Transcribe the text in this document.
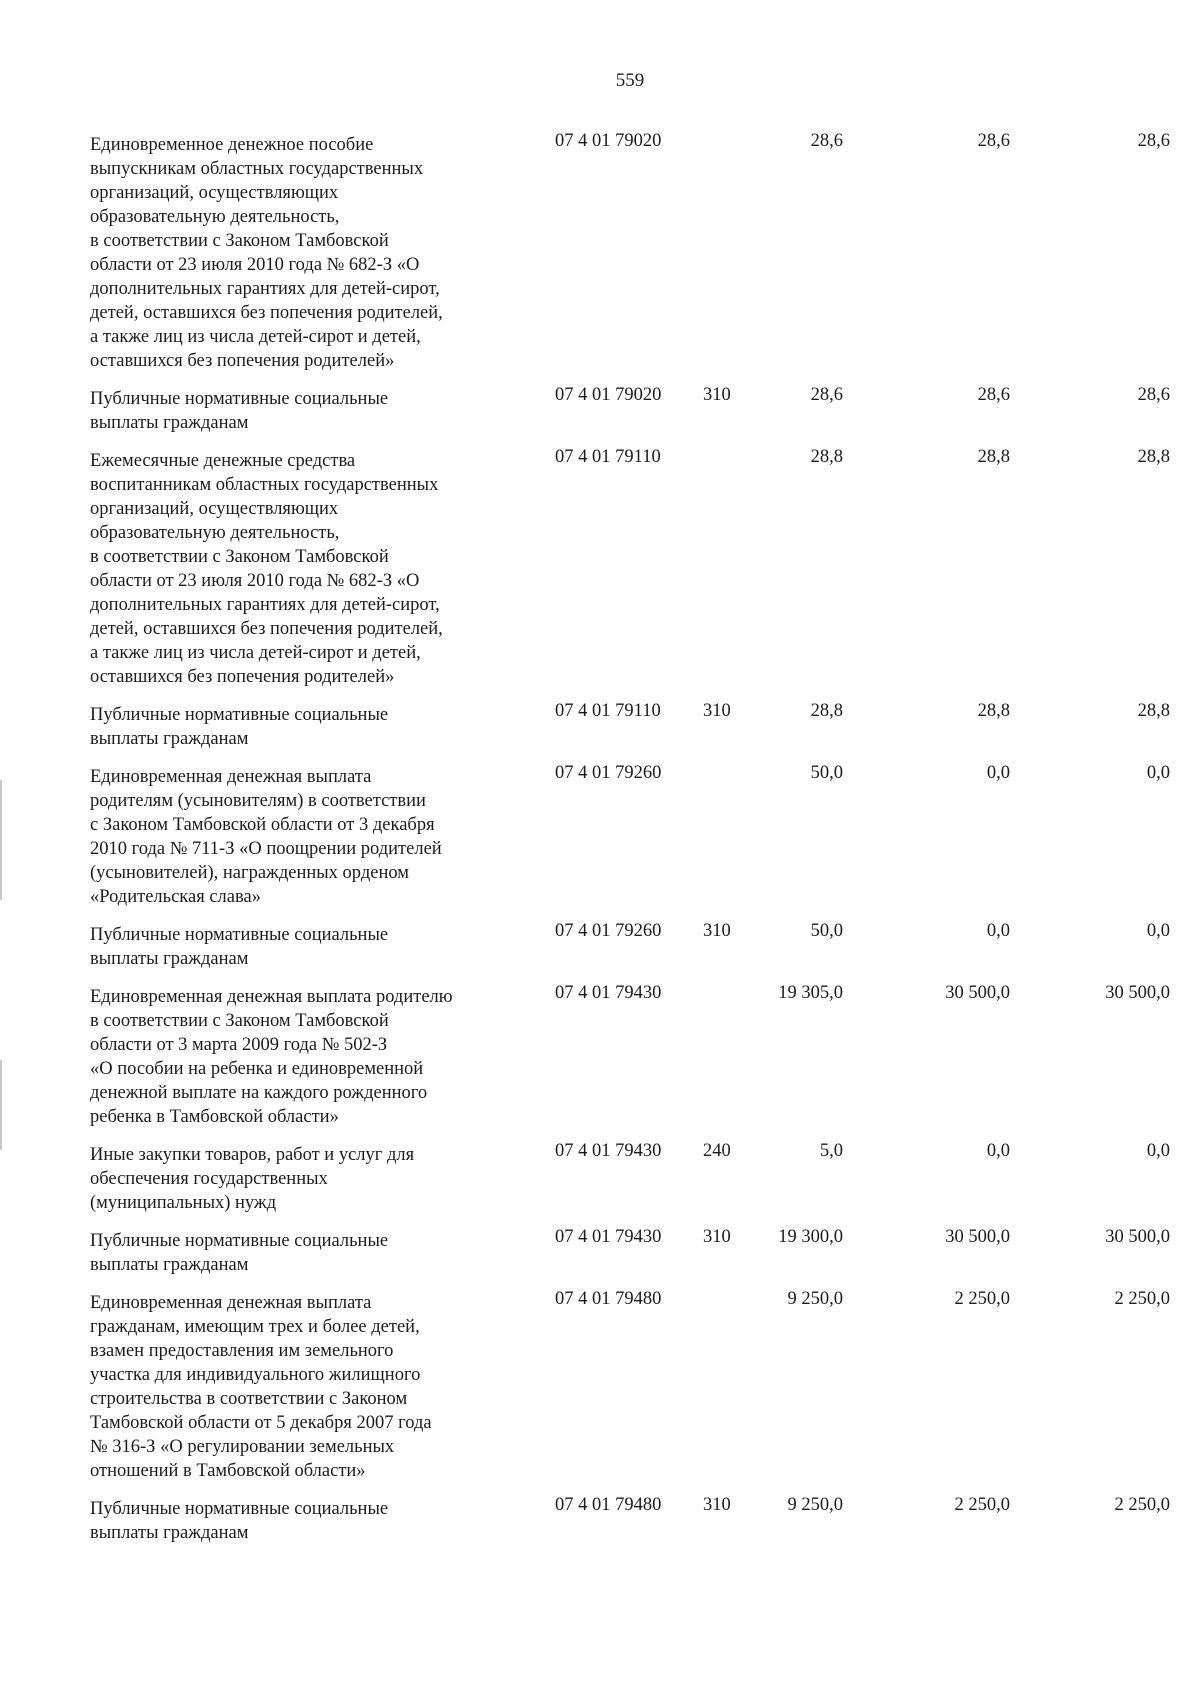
559
Единовременное денежное пособие
выпускникам областных государственных
организаций, осуществляющих
образовательную деятельность,
в соответствии с Законом Тамбовской
области от 23 июля 2010 года № 682-З «О
дополнительных гарантиях для детей-сирот,
детей, оставшихся без попечения родителей,
а также лиц из числа детей-сирот и детей,
оставшихся без попечения родителей»
07 4 01 79020	28,6	28,6	28,6
Публичные нормативные социальные
выплаты гражданам
07 4 01 79020 310	28,6	28,6	28,6
Ежемесячные денежные средства
воспитанникам областных государственных
организаций, осуществляющих
образовательную деятельность,
в соответствии с Законом Тамбовской
области от 23 июля 2010 года № 682-З «О
дополнительных гарантиях для детей-сирот,
детей, оставшихся без попечения родителей,
а также лиц из числа детей-сирот и детей,
оставшихся без попечения родителей»
07 4 01 79110	28,8	28,8	28,8
Публичные нормативные социальные
выплаты гражданам
07 4 01 79110 310	28,8	28,8	28,8
Единовременная денежная выплата
родителям (усыновителям) в соответствии
с Законом Тамбовской области от 3 декабря
2010 года № 711-З «О поощрении родителей
(усыновителей), награжденных орденом
«Родительская слава»
07 4 01 79260	50,0	0,0	0,0
Публичные нормативные социальные
выплаты гражданам
07 4 01 79260 310	50,0	0,0	0,0
Единовременная денежная выплата родителю
в соответствии с Законом Тамбовской
области от 3 марта 2009 года № 502-З
«О пособии на ребенка и единовременной
денежной выплате на каждого рожденного
ребенка в Тамбовской области»
07 4 01 79430	19 305,0	30 500,0	30 500,0
Иные закупки товаров, работ и услуг для
обеспечения государственных
(муниципальных) нужд
07 4 01 79430 240	5,0	0,0	0,0
Публичные нормативные социальные
выплаты гражданам
07 4 01 79430 310	19 300,0	30 500,0	30 500,0
Единовременная денежная выплата
гражданам, имеющим трех и более детей,
взамен предоставления им земельного
участка для индивидуального жилищного
строительства в соответствии с Законом
Тамбовской области от 5 декабря 2007 года
№ 316-З «О регулировании земельных
отношений в Тамбовской области»
07 4 01 79480	9 250,0	2 250,0	2 250,0
Публичные нормативные социальные
выплаты гражданам
07 4 01 79480 310	9 250,0	2 250,0	2 250,0
